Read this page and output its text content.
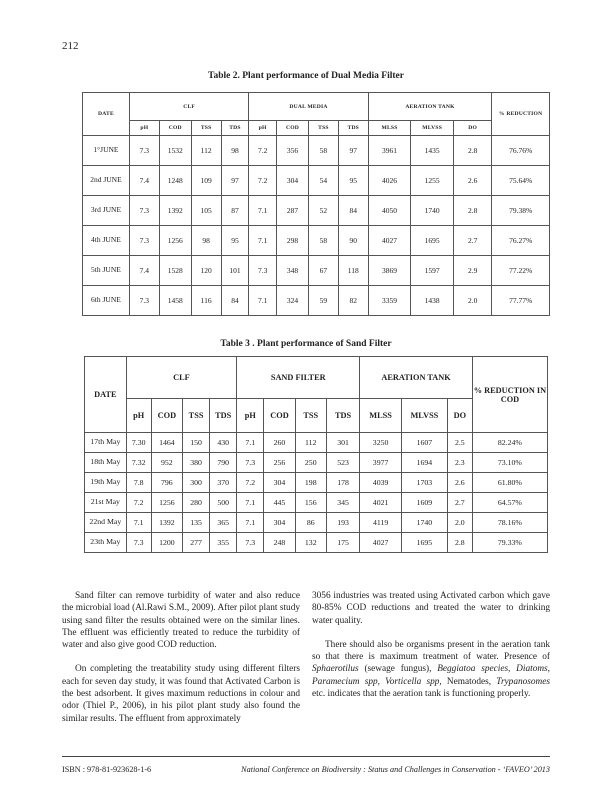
212
Table 2. Plant performance of Dual Media Filter
DATE	CLF				DUAL MEDIA				AERATION TANK			% REDUCTION
	pH	COD	TSS	TDS	pH	COD	TSS	TDS	MLSS	MLVSS	DO	
1°JUNE	7.3	1532	112	98	7.2	356	58	97	3961	1435	2.8	76.76%
2nd JUNE	7.4	1248	109	97	7.2	304	54	95	4026	1255	2.6	75.64%
3rd JUNE	7.3	1392	105	87	7.1	287	52	84	4050	1740	2.8	79.38%
4th JUNE	7.3	1256	98	95	7.1	298	58	90	4027	1695	2.7	76.27%
5th JUNE	7.4	1528	120	101	7.3	348	67	118	3869	1597	2.9	77.22%
6th JUNE	7.3	1458	116	84	7.1	324	59	82	3359	1438	2.0	77.77%
Table 3 . Plant performance of Sand Filter
DATE	CLF				SAND FILTER				AERATION TANK			% REDUCTION IN COD
	pH	COD	TSS	TDS	pH	COD	TSS	TDS	MLSS	MLVSS	DO	
17th May	7.30	1464	150	430	7.1	260	112	301	3250	1607	2.5	82.24%
18th May	7.32	952	380	790	7.3	256	250	523	3977	1694	2.3	73.10%
19th May	7.8	796	300	370	7.2	304	198	178	4039	1703	2.6	61.80%
21st May	7.2	1256	280	500	7.1	445	156	345	4021	1609	2.7	64.57%
22nd May	7.1	1392	135	365	7.1	304	86	193	4119	1740	2.0	78.16%
23th May	7.3	1200	277	355	7.3	248	132	175	4027	1695	2.8	79.33%

Sand filter can remove turbidity of water and also reduce the microbial load (Al.Rawi S.M., 2009). After pilot plant study using sand filter the results obtained were on the similar lines. The effluent was efficiently treated to reduce the turbidity of water and also give good COD reduction.

On completing the treatability study using different filters each for seven day study, it was found that Activated Carbon is the best adsorbent. It gives maximum reductions in colour and odor (Thiel P., 2006), in his pilot plant study also found the similar results. The effluent from approximately

3056 industries was treated using Activated carbon which gave 80-85% COD reductions and treated the water to drinking water quality.

There should also be organisms present in the aeration tank so that there is maximum treatment of water. Presence of Sphaerotilus (sewage fungus), Beggiatoa species, Diatoms, Paramecium spp, Vorticella spp, Nematodes, Trypanosomes etc. indicates that the aeration tank is functioning properly.

ISBN : 978-81-923628-1-6	National Conference on Biodiversity : Status and Challenges in Conservation - ‘FAVEO’ 2013
